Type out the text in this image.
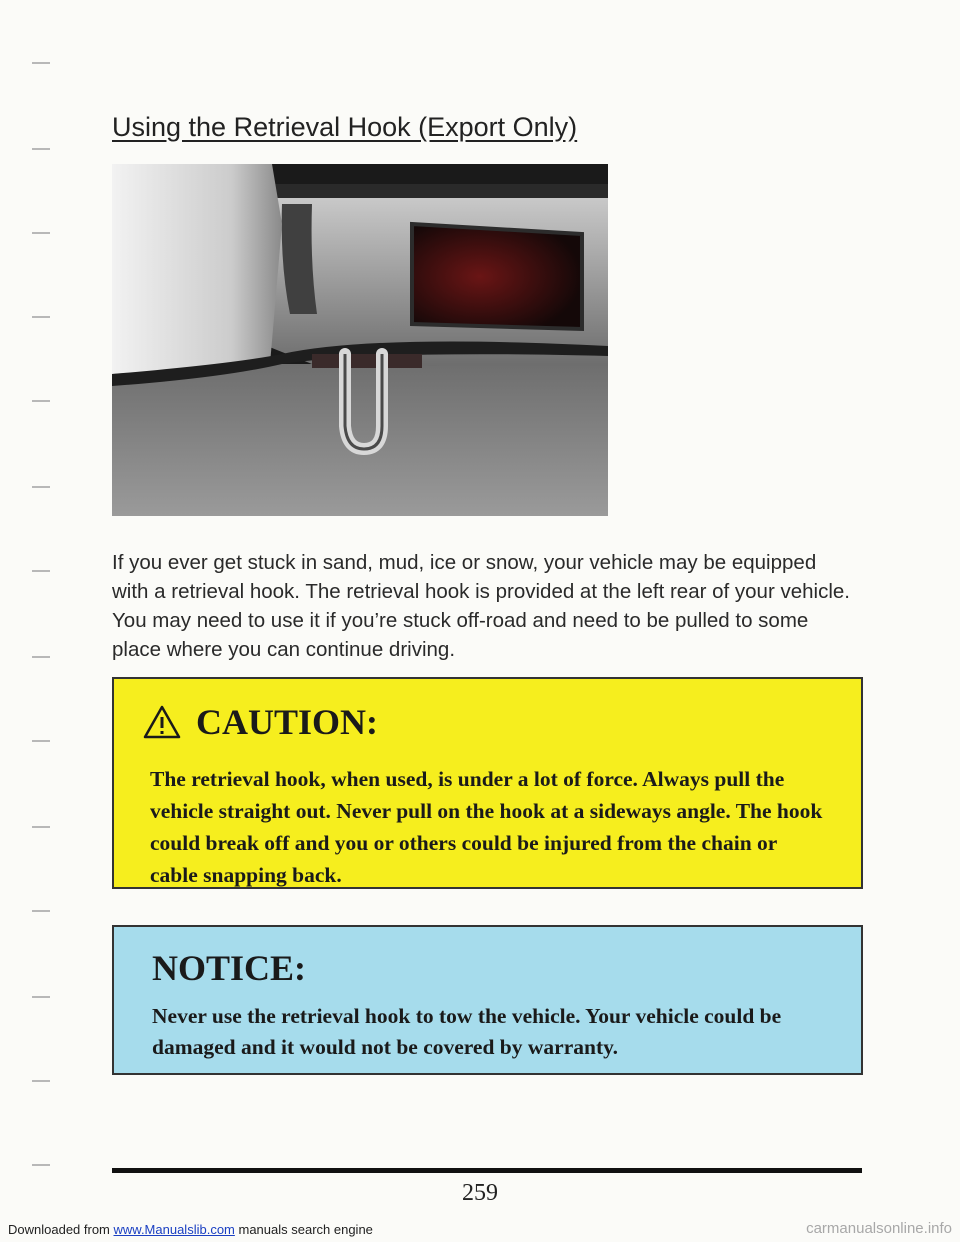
Using the Retrieval Hook (Export Only)

If you ever get stuck in sand, mud, ice or snow, your vehicle may be equipped with a retrieval hook. The retrieval hook is provided at the left rear of your vehicle. You may need to use it if you’re stuck off-road and need to be pulled to some place where you can continue driving.

CAUTION:

The retrieval hook, when used, is under a lot of force. Always pull the vehicle straight out. Never pull on the hook at a sideways angle. The hook could break off and you or others could be injured from the chain or cable snapping back.

NOTICE:

Never use the retrieval hook to tow the vehicle. Your vehicle could be damaged and it would not be covered by warranty.

259
Downloaded from www.Manualslib.com manuals search engine	carmanualsonline.info
